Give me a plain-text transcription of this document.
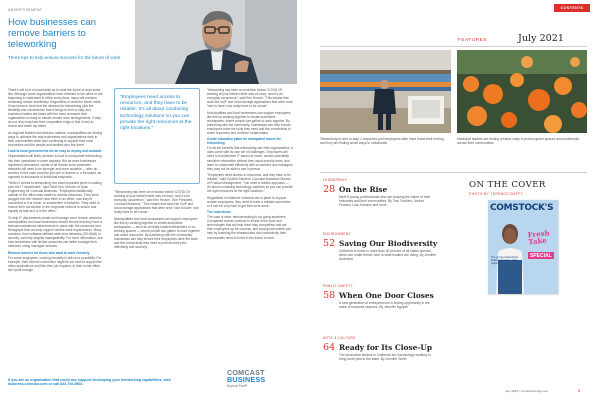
ADVERTISEMENT
How businesses can remove barriers to teleworking
Three tips to help ensure success for the future of work

There's still a lot of uncertainty as to what the future of work looks like. Although some organizations have returned to the office or are beginning to implement in-office work plans, many still envision remaining remote indefinitely. Regardless of what the future holds, it has become clear that the demand for teleworking plus the flexibility and convenience that it brings is here to stay, and business leaders are faced with the need to ensure their organization is ready to handle remote work arrangements. If they do not, they may lose their competitive edge or find it hard to recruit and retain top talent.

As regional leaders and decision makers, municipalities are finding ways to optimize the way businesses and organizations work in their communities while also continuing to support their local economies and the people and families who live there.

Look to local governments for an easy to deploy and scalable

Organizations will likely continue to look to incorporate teleworking into their operations in some capacity. But as more businesses implement permanent, hybrid or all remote work schedules, networks will need to be stronger and more scalable — after all, workers in this case could be just one in dozens or a thousand, as opposed to thousands of individual endpoints.

"When it comes to teleworking, the most important piece is making sure the IT department," said Scott Hull, Director of Data Engineering for Comcast Business. "Employees traditionally outside of the office want easier to access resources. They were plugged into the network near them in an office; now they're connected to it at home, or somewhere in between. They need to ensure their connection to the corporate network is secure and equally as fast as it is in the office."

To help IT departments create and manage more remote networks, municipalities and local businesses should ensure that they have a telecommunications infrastructure in place with the resources and throughput that can help support remote work requirements. Many solutions, from software-defined wide area networks (SD-WAN) to security, can help simplify manageability. For more information, see how businesses with limited resources can better manage their networks, using managed services.

Remove barriers for those who want to work remotely

For some employees, working remotely is still not a possibility. For example, their internet connection might be too slow to support the video applications and files their job requires, or their home office isn't quiet enough.

“Employees need access to resources, and they have to be reliable. It’s all about combining technology solutions so you can provide the right resources at the right locations.”

"Teleworking has been an evolution before COVID-19; working at your kitchen table was a luxury; now it's an everyday occurrence," said Erin Hoover, Vice President, Comcast Business. "This means that tools like VoIP and cloud storage applications that were once 'nice to have' now really have to be robust."

Municipalities and local businesses can support employees like this by working together to create accessible workspaces — such as centrally located telecenters or co-working spaces — where people can gather to work together and share resources. By partnering with the community, businesses can help ensure their employees have the tools and the connectivity they need to perform their jobs effectively and securely.

"Networking has been an evolution before COVID-19; working at your kitchen table was a luxury; now it's an everyday occurrence," said Erin Hoover. "This means that tools like VoIP and cloud storage applications that were once 'nice to have' now really have to be robust."

Municipalities and local businesses can support employees like this by working together to create accessible workspaces, where people can gather to work together. By partnering with the community, businesses can help ensure employees have the tools they need and the connectivity to share resources and continue collaboration.

Create education plans for anticipated issues for teleworking

For all the benefits that teleworking can offer organizations, it does come with its own set of challenges. Employees will need to troubleshoot IT issues at home, access potentially sensitive information without their usual security team, and learn to collaborate efficiently with co-workers and managers they may not be able to see in person.

"Employees need access to resources, and they have to be reliable," said Cynthia Sanders, Comcast Business Director of Product Management. "You need a holistic approach — it's about combining technology solutions so you can provide the right resources at the right locations."

Regardless of whatever solutions are in place to support remote employees, they need to have a reliable connection, or it can be very hard to get their work done.

The road ahead

The case is clear: telecommuting is not going anywhere. Companies should continue to invest in the tools and technologies that will help them stay competitive and set their employees up for success, and local governments can help by fostering the infrastructure and connectivity their communities need to thrive in the future of work.

If you are an organization that could use support developing your teleworking capabilities, visit business.comcast.com or call 833-726-9801.
COMCAST
BUSINESS
Beyond Fast®
CONTENTS
FEATURES	July 2021
Teleworking is here to stay. Companies and employees alike have found their footing, and they are finding smart ways to collaborate.
Municipal leaders are finding creative ways to protect green spaces and biodiversity across their communities.
LEADERSHIP
28 On the Rise
Meet 8 young professionals who are shaping the future of their industries and their communities. By Tom Tomkins, Jordan Ferrario, Lisa Johnson and more.
ENVIRONMENT
52 Saving Our Biodiversity
California is home to more than 30 percent of all native species, which are under threat; here is what leaders are doing. By Jennifer Anderson
PUBLIC SAFETY
58 When One Door Closes
A new generation of entrepreneurs is finding opportunity in the wake of business closures. By Jennifer Nguyen
ARTS & CULTURE
64 Ready for Its Close-Up
The production studios in California are increasingly working to bring more jobs to the state. By Jennifer Smith
ON THE COVER
PHOTO BY TERENCE DUFFY
COMSTOCK'S
Fresh Take
SPECIAL
The young professionals shaping the future of the region
July 2021 | comstocksmag.com	5
